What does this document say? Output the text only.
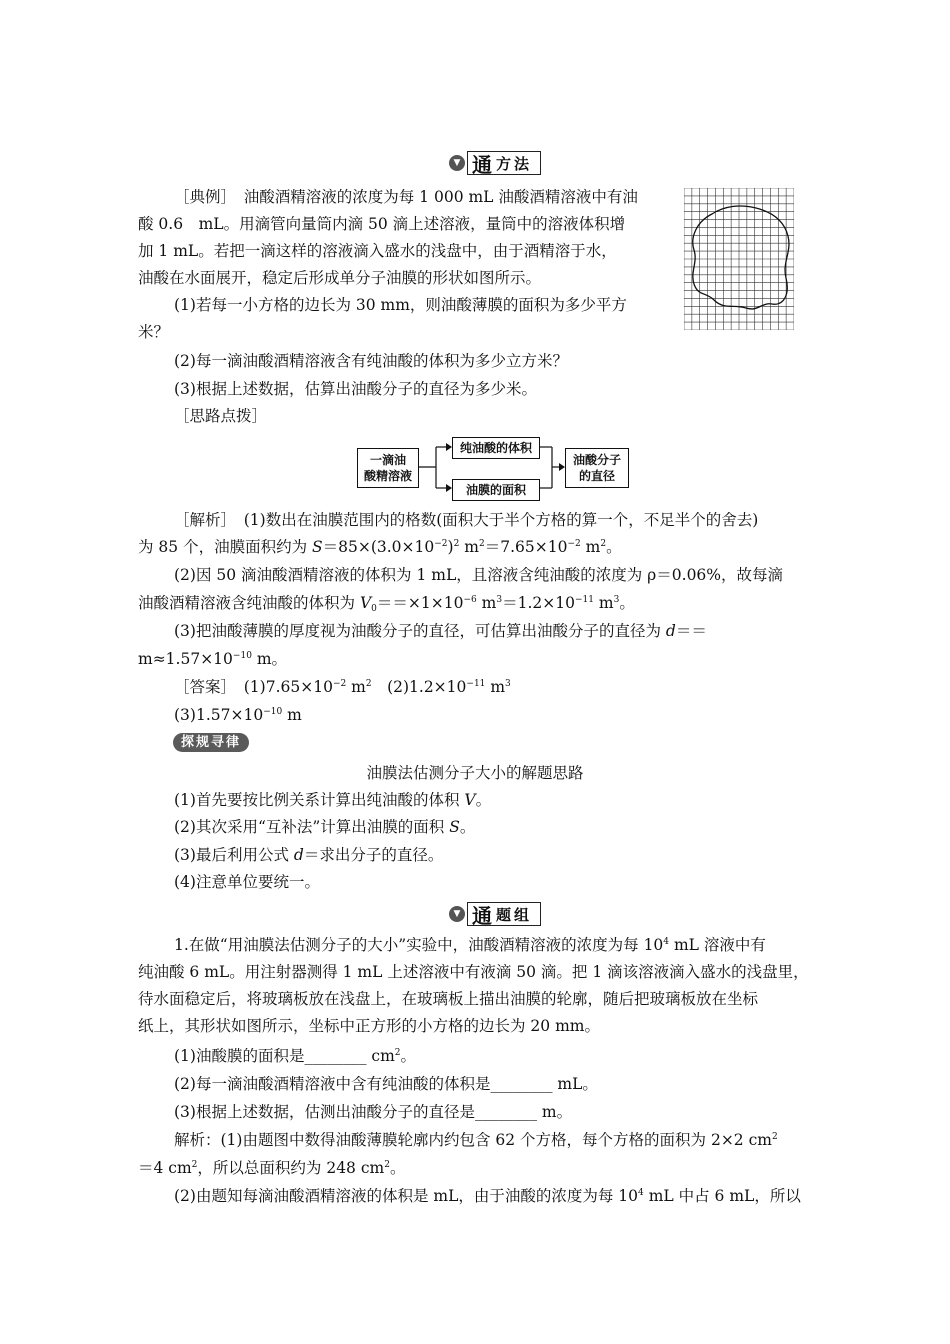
▼ 通 方法
［典例］　油酸酒精溶液的浓度为每 1 000 mL 油酸酒精溶液中有油
酸 0.6　mL。用滴管向量筒内滴 50 滴上述溶液，量筒中的溶液体积增
加 1 mL。若把一滴这样的溶液滴入盛水的浅盘中，由于酒精溶于水，
油酸在水面展开，稳定后形成单分子油膜的形状如图所示。
(1)若每一小方格的边长为 30 mm，则油酸薄膜的面积为多少平方
米？
(2)每一滴油酸酒精溶液含有纯油酸的体积为多少立方米？
(3)根据上述数据，估算出油酸分子的直径为多少米。
［思路点拨］
一滴油
酸精溶液
纯油酸的体积
油膜的面积
油酸分子
的直径
［解析］　(1)数出在油膜范围内的格数(面积大于半个方格的算一个，不足半个的舍去)
为 85 个，油膜面积约为 $S=85\times(3.0\times 10^{-2})^2$ $m^2=7.65\times 10^{-2}$ $m^2$。
(2)因 50 滴油酸酒精溶液的体积为 1 mL，且溶液含纯油酸的浓度为 ρ＝0.06%，故每滴
油酸酒精溶液含纯油酸的体积为 $V_0==\times 1\times 10^{-6}$ $m^3=1.2\times 10^{-11}$ $m^3$。
(3)把油酸薄膜的厚度视为油酸分子的直径，可估算出油酸分子的直径为 d＝＝
$m\approx 1.57\times 10^{-10}$ m。
［答案］　$(1)7.65\times 10^{-2}$ $m^2$　$(2)1.2\times 10^{-11}$ $m^3$
$(3)1.57\times 10^{-10}$ m
探规寻律
油膜法估测分子大小的解题思路
(1)首先要按比例关系计算出纯油酸的体积 V。
(2)其次采用“互补法”计算出油膜的面积 S。
(3)最后利用公式 d＝求出分子的直径。
(4)注意单位要统一。
▼ 通 题组
1.在做“用油膜法估测分子的大小”实验中，油酸酒精溶液的浓度为每 $10^4$ mL 溶液中有
纯油酸 6 mL。用注射器测得 1 mL 上述溶液中有液滴 50 滴。把 1 滴该溶液滴入盛水的浅盘里，
待水面稳定后，将玻璃板放在浅盘上，在玻璃板上描出油膜的轮廓，随后把玻璃板放在坐标
纸上，其形状如图所示，坐标中正方形的小方格的边长为 20 mm。
(1)油酸膜的面积是________ $cm^2$。
(2)每一滴油酸酒精溶液中含有纯油酸的体积是________ mL。
(3)根据上述数据，估测出油酸分子的直径是________ m。
解析：(1)由题图中数得油酸薄膜轮廓内约包含 62 个方格，每个方格的面积为 2×2 $cm^2$
＝4 $cm^2$，所以总面积约为 248 $cm^2$。
(2)由题知每滴油酸酒精溶液的体积是 mL，由于油酸的浓度为每 $10^4$ mL 中占 6 mL，所以
